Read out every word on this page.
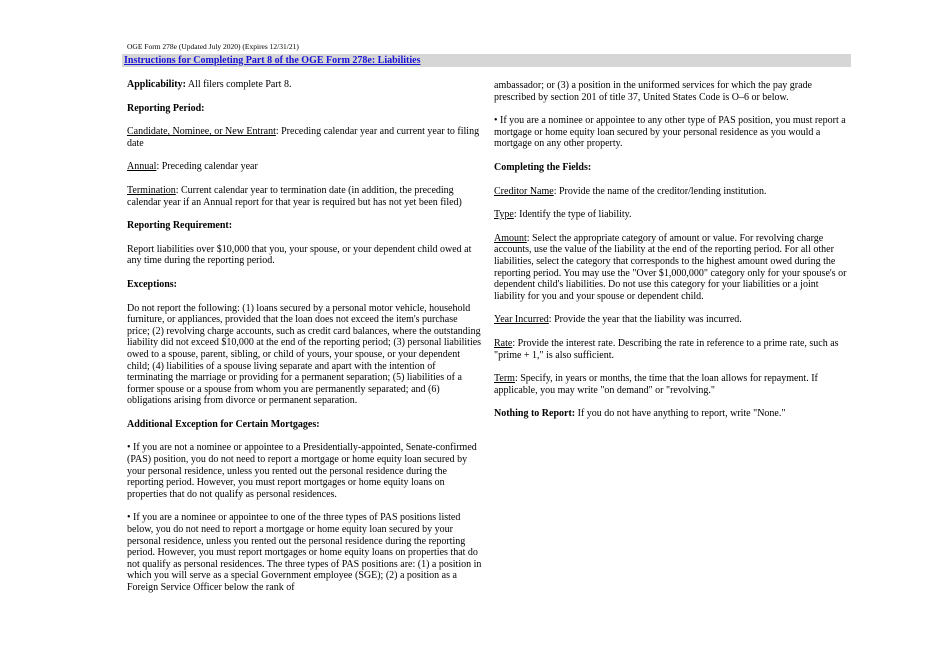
OGE Form 278e (Updated July 2020) (Expires 12/31/21)
Instructions for Completing Part 8 of the OGE Form 278e: Liabilities

Applicability: All filers complete Part 8.

Reporting Period:

Candidate, Nominee, or New Entrant: Preceding calendar year and current year to filing date

Annual: Preceding calendar year

Termination: Current calendar year to termination date (in addition, the preceding calendar year if an Annual report for that year is required but has not yet been filed)

Reporting Requirement:

Report liabilities over $10,000 that you, your spouse, or your dependent child owed at any time during the reporting period.

Exceptions:

Do not report the following: (1) loans secured by a personal motor vehicle, household furniture, or appliances, provided that the loan does not exceed the item's purchase price; (2) revolving charge accounts, such as credit card balances, where the outstanding liability did not exceed $10,000 at the end of the reporting period; (3) personal liabilities owed to a spouse, parent, sibling, or child of yours, your spouse, or your dependent child; (4) liabilities of a spouse living separate and apart with the intention of terminating the marriage or providing for a permanent separation; (5) liabilities of a former spouse or a spouse from whom you are permanently separated; and (6) obligations arising from divorce or permanent separation.

Additional Exception for Certain Mortgages:

• If you are not a nominee or appointee to a Presidentially-appointed, Senate-confirmed (PAS) position, you do not need to report a mortgage or home equity loan secured by your personal residence, unless you rented out the personal residence during the reporting period. However, you must report mortgages or home equity loans on properties that do not qualify as personal residences.

• If you are a nominee or appointee to one of the three types of PAS positions listed below, you do not need to report a mortgage or home equity loan secured by your personal residence, unless you rented out the personal residence during the reporting period. However, you must report mortgages or home equity loans on properties that do not qualify as personal residences. The three types of PAS positions are: (1) a position in which you will serve as a special Government employee (SGE); (2) a position as a Foreign Service Officer below the rank of

ambassador; or (3) a position in the uniformed services for which the pay grade prescribed by section 201 of title 37, United States Code is O–6 or below.

• If you are a nominee or appointee to any other type of PAS position, you must report a mortgage or home equity loan secured by your personal residence as you would a mortgage on any other property.

Completing the Fields:

Creditor Name: Provide the name of the creditor/lending institution.

Type: Identify the type of liability.

Amount: Select the appropriate category of amount or value. For revolving charge accounts, use the value of the liability at the end of the reporting period. For all other liabilities, select the category that corresponds to the highest amount owed during the reporting period. You may use the "Over $1,000,000" category only for your spouse's or dependent child's liabilities. Do not use this category for your liabilities or a joint liability for you and your spouse or dependent child.

Year Incurred: Provide the year that the liability was incurred.

Rate: Provide the interest rate. Describing the rate in reference to a prime rate, such as "prime + 1," is also sufficient.

Term: Specify, in years or months, the time that the loan allows for repayment. If applicable, you may write "on demand" or "revolving."

Nothing to Report: If you do not have anything to report, write "None."
